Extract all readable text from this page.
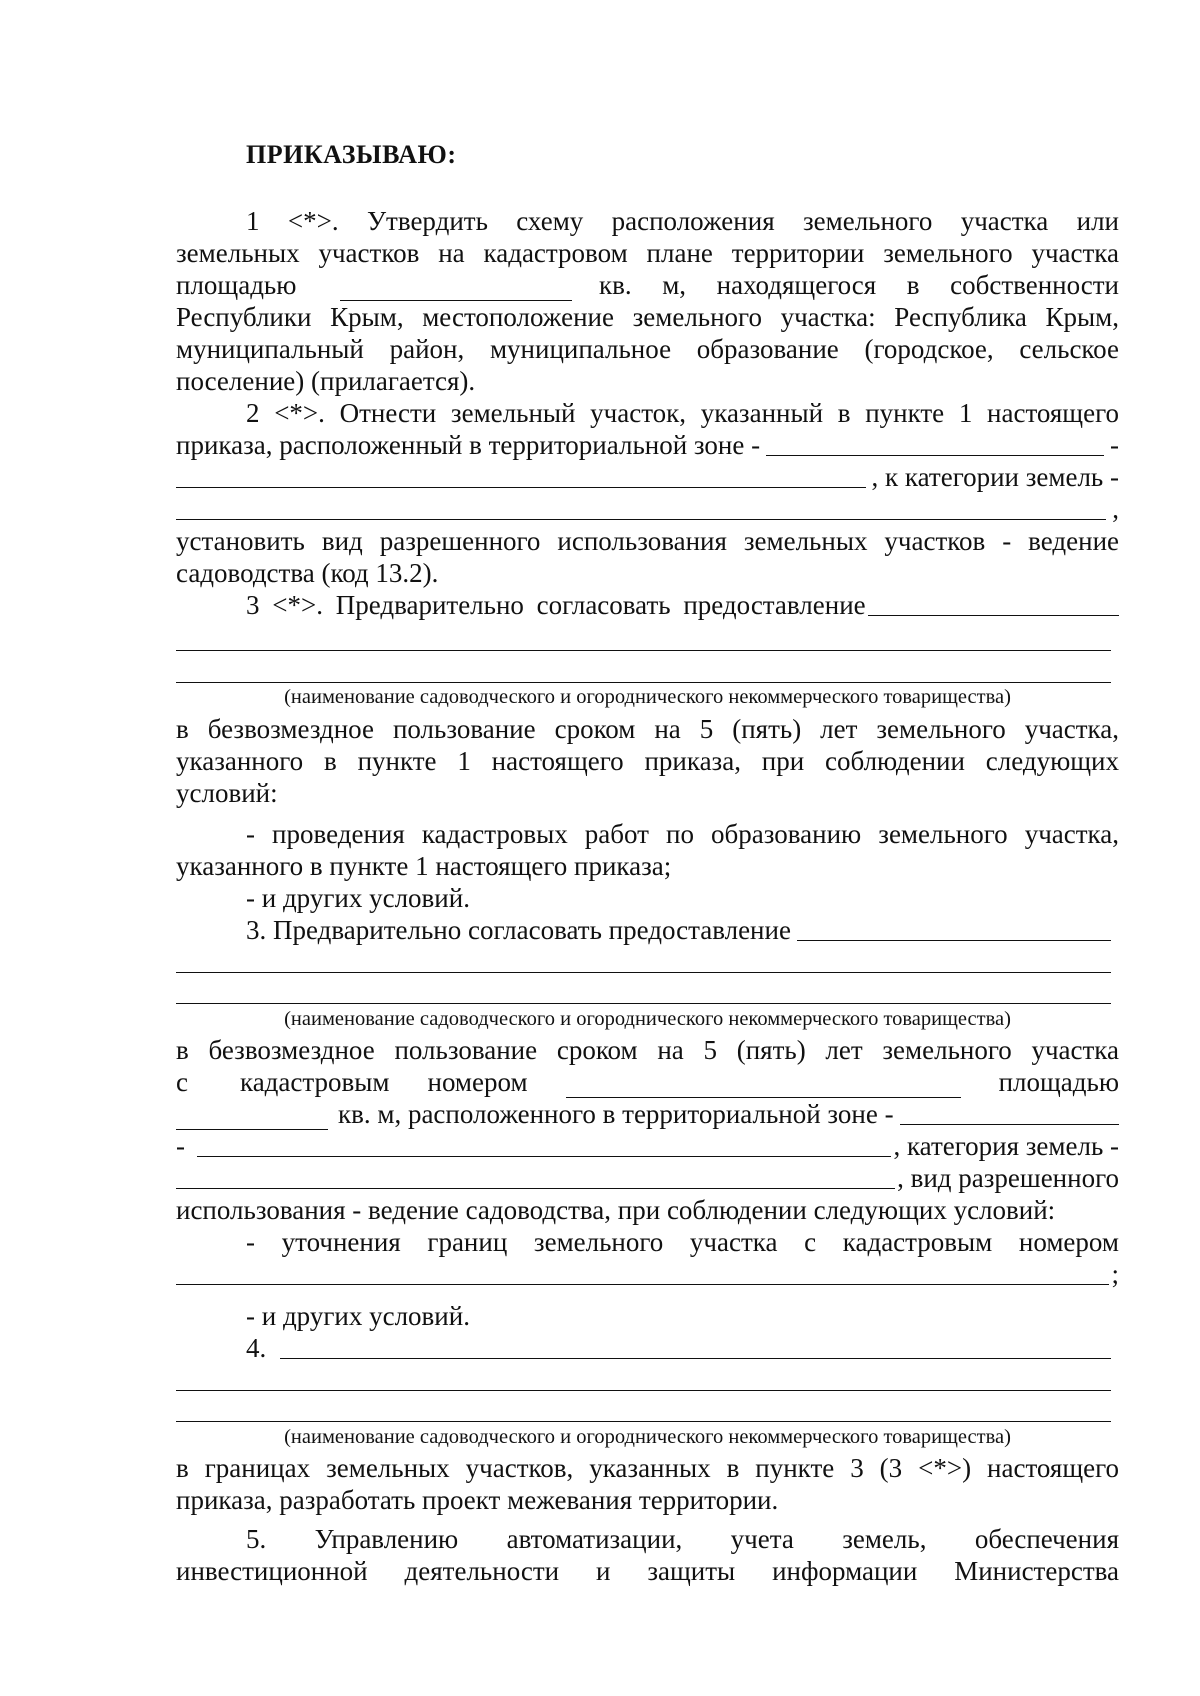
ПРИКАЗЫВАЮ:
1 <*>. Утвердить схему расположения земельного участка или
земельных участков на кадастровом плане территории земельного участка
площадью	кв. м, находящегося в собственности
Республики Крым, местоположение земельного участка: Республика Крым,
муниципальный район, муниципальное образование (городское, сельское
поселение) (прилагается).
2 <*>. Отнести земельный участок, указанный в пункте 1 настоящего
приказа, расположенный в территориальной зоне -	-
, к категории земель -
,
установить вид разрешенного использования земельных участков - ведение
садоводства (код 13.2).
3 <*>. Предварительно согласовать предоставление
(наименование садоводческого и огороднического некоммерческого товарищества)
в безвозмездное пользование сроком на 5 (пять) лет земельного участка,
указанного в пункте 1 настоящего приказа, при соблюдении следующих
условий:
- проведения кадастровых работ по образованию земельного участка,
указанного в пункте 1 настоящего приказа;
- и других условий.
3. Предварительно согласовать предоставление
(наименование садоводческого и огороднического некоммерческого товарищества)
в безвозмездное пользование сроком на 5 (пять) лет земельного участка
с кадастровым номером	площадью
кв. м, расположенного в территориальной зоне -
-	, категория земель -
, вид разрешенного
использования - ведение садоводства, при соблюдении следующих условий:
- уточнения границ земельного участка с кадастровым номером
;
- и других условий.
4.
(наименование садоводческого и огороднического некоммерческого товарищества)
в границах земельных участков, указанных в пункте 3 (3 <*>) настоящего
приказа, разработать проект межевания территории.
5. Управлению автоматизации, учета земель, обеспечения
инвестиционной деятельности и защиты информации Министерства
